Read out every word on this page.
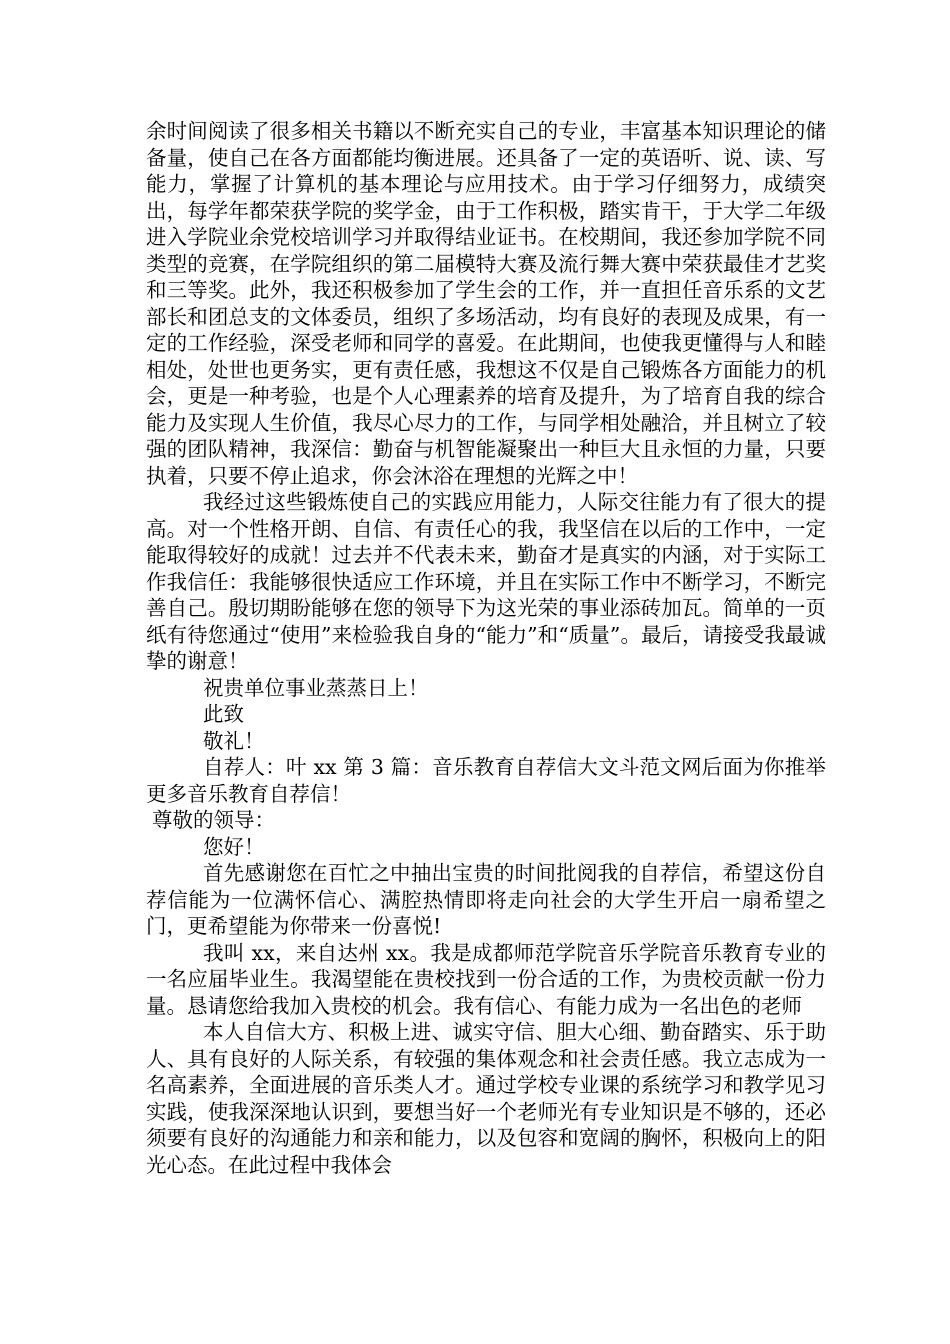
余时间阅读了很多相关书籍以不断充实自己的专业，丰富基本知识理论的储备量，使自己在各方面都能均衡进展。还具备了一定的英语听、说、读、写能力，掌握了计算机的基本理论与应用技术。由于学习仔细努力，成绩突出，每学年都荣获学院的奖学金，由于工作积极，踏实肯干，于大学二年级进入学院业余党校培训学习并取得结业证书。在校期间，我还参加学院不同类型的竞赛，在学院组织的第二届模特大赛及流行舞大赛中荣获最佳才艺奖和三等奖。此外，我还积极参加了学生会的工作，并一直担任音乐系的文艺部长和团总支的文体委员，组织了多场活动，均有良好的表现及成果，有一定的工作经验，深受老师和同学的喜爱。在此期间，也使我更懂得与人和睦相处，处世也更务实，更有责任感，我想这不仅是自己锻炼各方面能力的机会，更是一种考验，也是个人心理素养的培育及提升，为了培育自我的综合能力及实现人生价值，我尽心尽力的工作，与同学相处融洽，并且树立了较强的团队精神，我深信：勤奋与机智能凝聚出一种巨大且永恒的力量，只要执着，只要不停止追求，你会沐浴在理想的光辉之中！

我经过这些锻炼使自己的实践应用能力，人际交往能力有了很大的提高。对一个性格开朗、自信、有责任心的我，我坚信在以后的工作中，一定能取得较好的成就！过去并不代表未来，勤奋才是真实的内涵，对于实际工作我信任：我能够很快适应工作环境，并且在实际工作中不断学习，不断完善自己。殷切期盼能够在您的领导下为这光荣的事业添砖加瓦。简单的一页纸有待您通过“使用”来检验我自身的“能力”和“质量”。最后，请接受我最诚挚的谢意！

祝贵单位事业蒸蒸日上！

此致

敬礼！

自荐人：叶 xx 第 3 篇：音乐教育自荐信大文斗范文网后面为你推举更多音乐教育自荐信！

尊敬的领导：

您好！

首先感谢您在百忙之中抽出宝贵的时间批阅我的自荐信，希望这份自荐信能为一位满怀信心、满腔热情即将走向社会的大学生开启一扇希望之门，更希望能为你带来一份喜悦!

我叫 xx，来自达州 xx。我是成都师范学院音乐学院音乐教育专业的一名应届毕业生。我渴望能在贵校找到一份合适的工作，为贵校贡献一份力量。恳请您给我加入贵校的机会。我有信心、有能力成为一名出色的老师

本人自信大方、积极上进、诚实守信、胆大心细、勤奋踏实、乐于助人、具有良好的人际关系，有较强的集体观念和社会责任感。我立志成为一名高素养，全面进展的音乐类人才。通过学校专业课的系统学习和教学见习实践，使我深深地认识到，要想当好一个老师光有专业知识是不够的，还必须要有良好的沟通能力和亲和能力，以及包容和宽阔的胸怀，积极向上的阳光心态。在此过程中我体会
